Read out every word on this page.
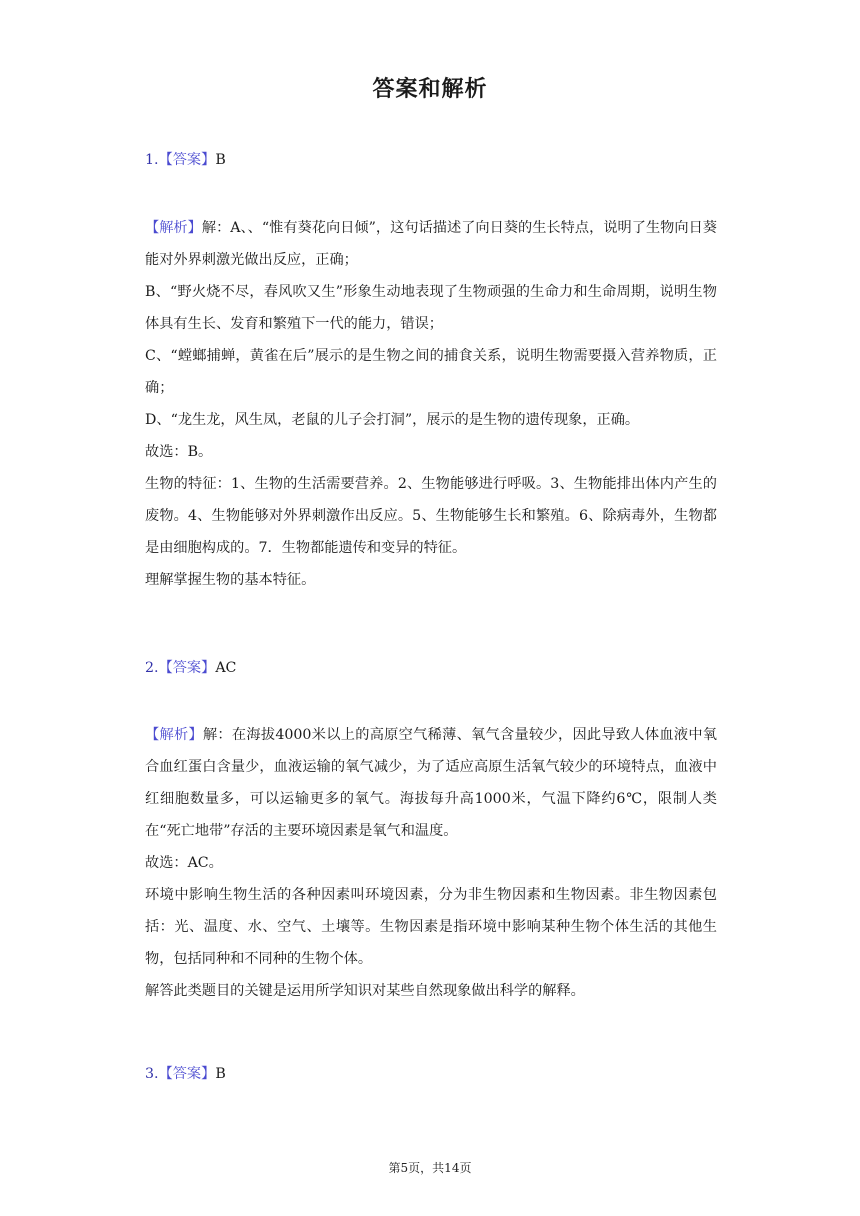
答案和解析
1.【答案】B

【解析】解：A、、“惟有葵花向日倾”，这句话描述了向日葵的生长特点，说明了生物向日葵能对外界刺激光做出反应，正确；

B、“野火烧不尽，春风吹又生”形象生动地表现了生物顽强的生命力和生命周期，说明生物体具有生长、发育和繁殖下一代的能力，错误；

C、“螳螂捕蝉，黄雀在后”展示的是生物之间的捕食关系，说明生物需要摄入营养物质，正确；

D、“龙生龙，风生凤，老鼠的儿子会打洞”，展示的是生物的遗传现象，正确。

故选：B。

生物的特征：1、生物的生活需要营养。2、生物能够进行呼吸。3、生物能排出体内产生的废物。4、生物能够对外界刺激作出反应。5、生物能够生长和繁殖。6、除病毒外，生物都是由细胞构成的。7．生物都能遗传和变异的特征。

理解掌握生物的基本特征。

2.【答案】AC

【解析】解：在海拔4000米以上的高原空气稀薄、氧气含量较少，因此导致人体血液中氧合血红蛋白含量少，血液运输的氧气减少，为了适应高原生活氧气较少的环境特点，血液中红细胞数量多，可以运输更多的氧气。海拔每升高1000米，气温下降约6℃，限制人类在“死亡地带”存活的主要环境因素是氧气和温度。

故选：AC。

环境中影响生物生活的各种因素叫环境因素，分为非生物因素和生物因素。非生物因素包括：光、温度、水、空气、土壤等。生物因素是指环境中影响某种生物个体生活的其他生物，包括同种和不同种的生物个体。

解答此类题目的关键是运用所学知识对某些自然现象做出科学的解释。

3.【答案】B
第5页，共14页
